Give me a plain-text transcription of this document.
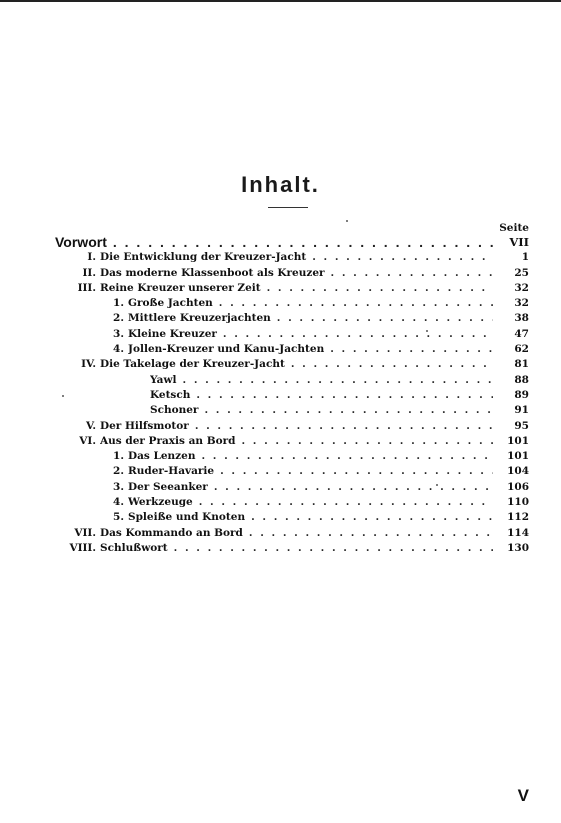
Inhalt.
Seite
Vorwort . . .	VII
I. Die Entwicklung der Kreuzer-Jacht . . .	1
II. Das moderne Klassenboot als Kreuzer . . .	25
III. Reine Kreuzer unserer Zeit . . .	32
1. Große Jachten . . .	32
2. Mittlere Kreuzerjachten . . .	38
3. Kleine Kreuzer . . .	47
4. Jollen-Kreuzer und Kanu-Jachten . . .	62
IV. Die Takelage der Kreuzer-Jacht . . .	81
Yawl . . .	88
Ketsch . . .	89
Schoner . . .	91
V. Der Hilfsmotor . . .	95
VI. Aus der Praxis an Bord . . .	101
1. Das Lenzen . . .	101
2. Ruder-Havarie . . .	104
3. Der Seeanker . . .	106
4. Werkzeuge . . .	110
5. Spleiße und Knoten . . .	112
VII. Das Kommando an Bord . . .	114
VIII. Schlußwort . . .	130
V
